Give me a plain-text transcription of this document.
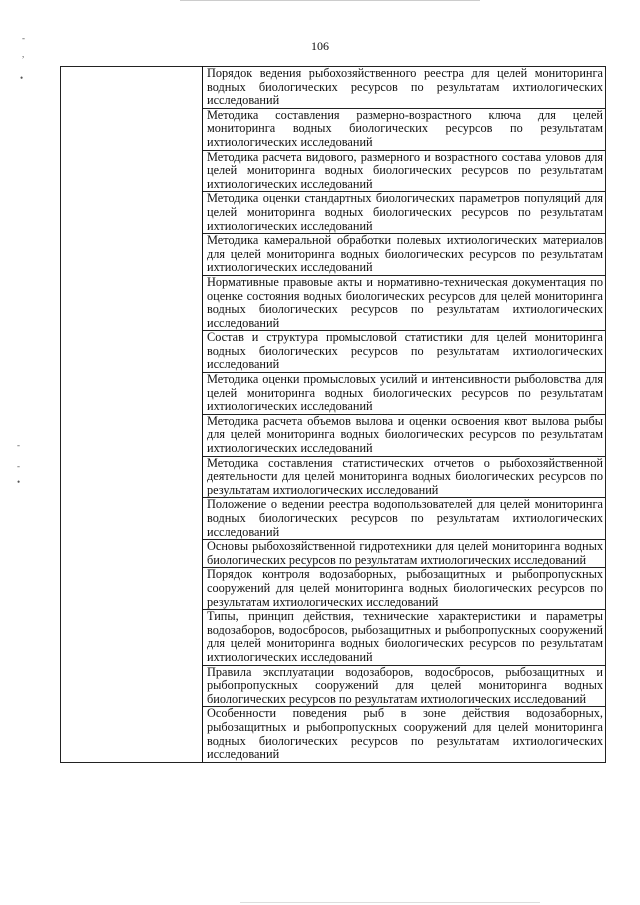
106

	Порядок ведения рыбохозяйственного реестра для целей мониторинга водных биологических ресурсов по результатам ихтиологических исследований

	Методика составления размерно-возрастного ключа для целей мониторинга водных биологических ресурсов по результатам ихтиологических исследований

	Методика расчета видового, размерного и возрастного состава уловов для целей мониторинга водных биологических ресурсов по результатам ихтиологических исследований

	Методика оценки стандартных биологических параметров популяций для целей мониторинга водных биологических ресурсов по результатам ихтиологических исследований

	Методика камеральной обработки полевых ихтиологических материалов для целей мониторинга водных биологических ресурсов по результатам ихтиологических исследований

	Нормативные правовые акты и нормативно-техническая документация по оценке состояния водных биологических ресурсов для целей мониторинга водных биологических ресурсов по результатам ихтиологических исследований

	Состав и структура промысловой статистики для целей мониторинга водных биологических ресурсов по результатам ихтиологических исследований

	Методика оценки промысловых усилий и интенсивности рыболовства для целей мониторинга водных биологических ресурсов по результатам ихтиологических исследований

	Методика расчета объемов вылова и оценки освоения квот вылова рыбы для целей мониторинга водных биологических ресурсов по результатам ихтиологических исследований

	Методика составления статистических отчетов о рыбохозяйственной деятельности для целей мониторинга водных биологических ресурсов по результатам ихтиологических исследований

	Положение о ведении реестра водопользователей для целей мониторинга водных биологических ресурсов по результатам ихтиологических исследований

	Основы рыбохозяйственной гидротехники для целей мониторинга водных биологических ресурсов по результатам ихтиологических исследований

	Порядок контроля водозаборных, рыбозащитных и рыбопропускных сооружений для целей мониторинга водных биологических ресурсов по результатам ихтиологических исследований

	Типы, принцип действия, технические характеристики и параметры водозаборов, водосбросов, рыбозащитных и рыбопропускных сооружений для целей мониторинга водных биологических ресурсов по результатам ихтиологических исследований

	Правила эксплуатации водозаборов, водосбросов, рыбозащитных и рыбопропускных сооружений для целей мониторинга водных биологических ресурсов по результатам ихтиологических исследований

	Особенности поведения рыб в зоне действия водозаборных, рыбозащитных и рыбопропускных сооружений для целей мониторинга водных биологических ресурсов по результатам ихтиологических исследований

-
,
•
-
-
•
